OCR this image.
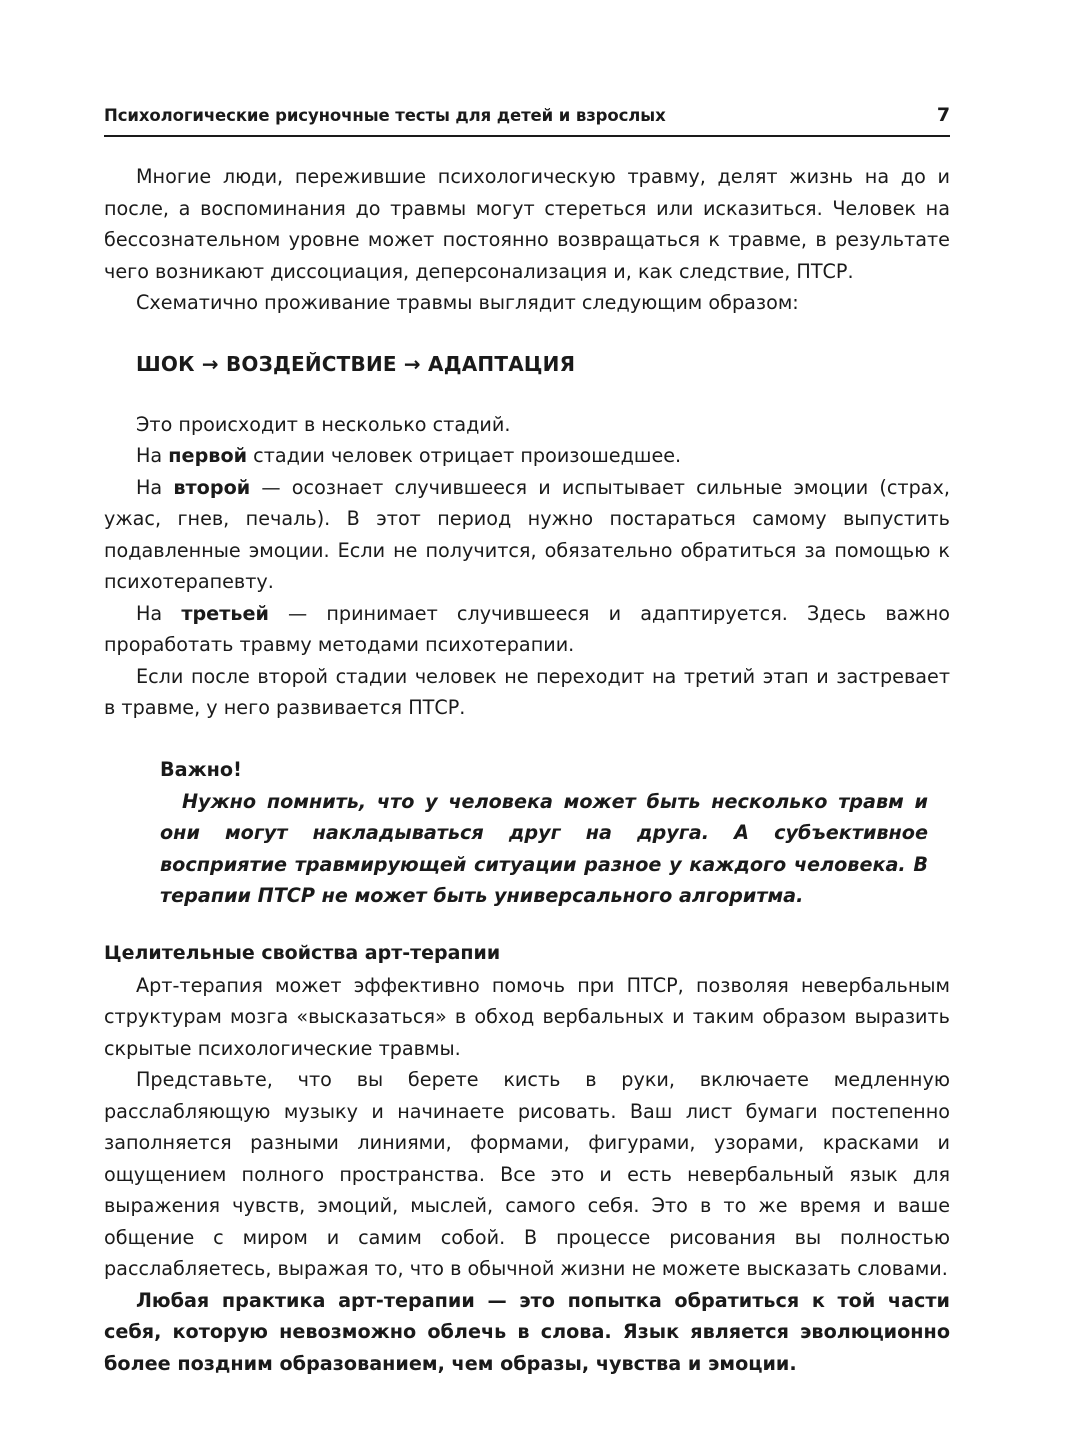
Психологические рисуночные тесты для детей и взрослых	7

Многие люди, пережившие психологическую травму, делят жизнь на до и после, а воспоминания до травмы могут стереться или исказиться. Человек на бессознательном уровне может постоянно возвращаться к травме, в результате чего возникают диссоциация, деперсонализация и, как следствие, ПТСР.

Схематично проживание травмы выглядит следующим образом:

ШОК → ВОЗДЕЙСТВИЕ → АДАПТАЦИЯ

Это происходит в несколько стадий.

На первой стадии человек отрицает произошедшее.

На второй — осознает случившееся и испытывает сильные эмоции (страх, ужас, гнев, печаль). В этот период нужно постараться самому выпустить подавленные эмоции. Если не получится, обязательно обратиться за помощью к психотерапевту.

На третьей — принимает случившееся и адаптируется. Здесь важно проработать травму методами психотерапии.

Если после второй стадии человек не переходит на третий этап и застревает в травме, у него развивается ПТСР.

Важно!
Нужно помнить, что у человека может быть несколько травм и они могут накладываться друг на друга. А субъективное восприятие травмирующей ситуации разное у каждого человека. В терапии ПТСР не может быть универсального алгоритма.
Целительные свойства арт-терапии

Арт-терапия может эффективно помочь при ПТСР, позволяя невербальным структурам мозга «высказаться» в обход вербальных и таким образом выразить скрытые психологические травмы.

Представьте, что вы берете кисть в руки, включаете медленную расслабляющую музыку и начинаете рисовать. Ваш лист бумаги постепенно заполняется разными линиями, формами, фигурами, узорами, красками и ощущением полного пространства. Все это и есть невербальный язык для выражения чувств, эмоций, мыслей, самого себя. Это в то же время и ваше общение с миром и самим собой. В процессе рисования вы полностью расслабляетесь, выражая то, что в обычной жизни не можете высказать словами.

Любая практика арт-терапии — это попытка обратиться к той части себя, которую невозможно облечь в слова. Язык является эволюционно более поздним образованием, чем образы, чувства и эмоции.
